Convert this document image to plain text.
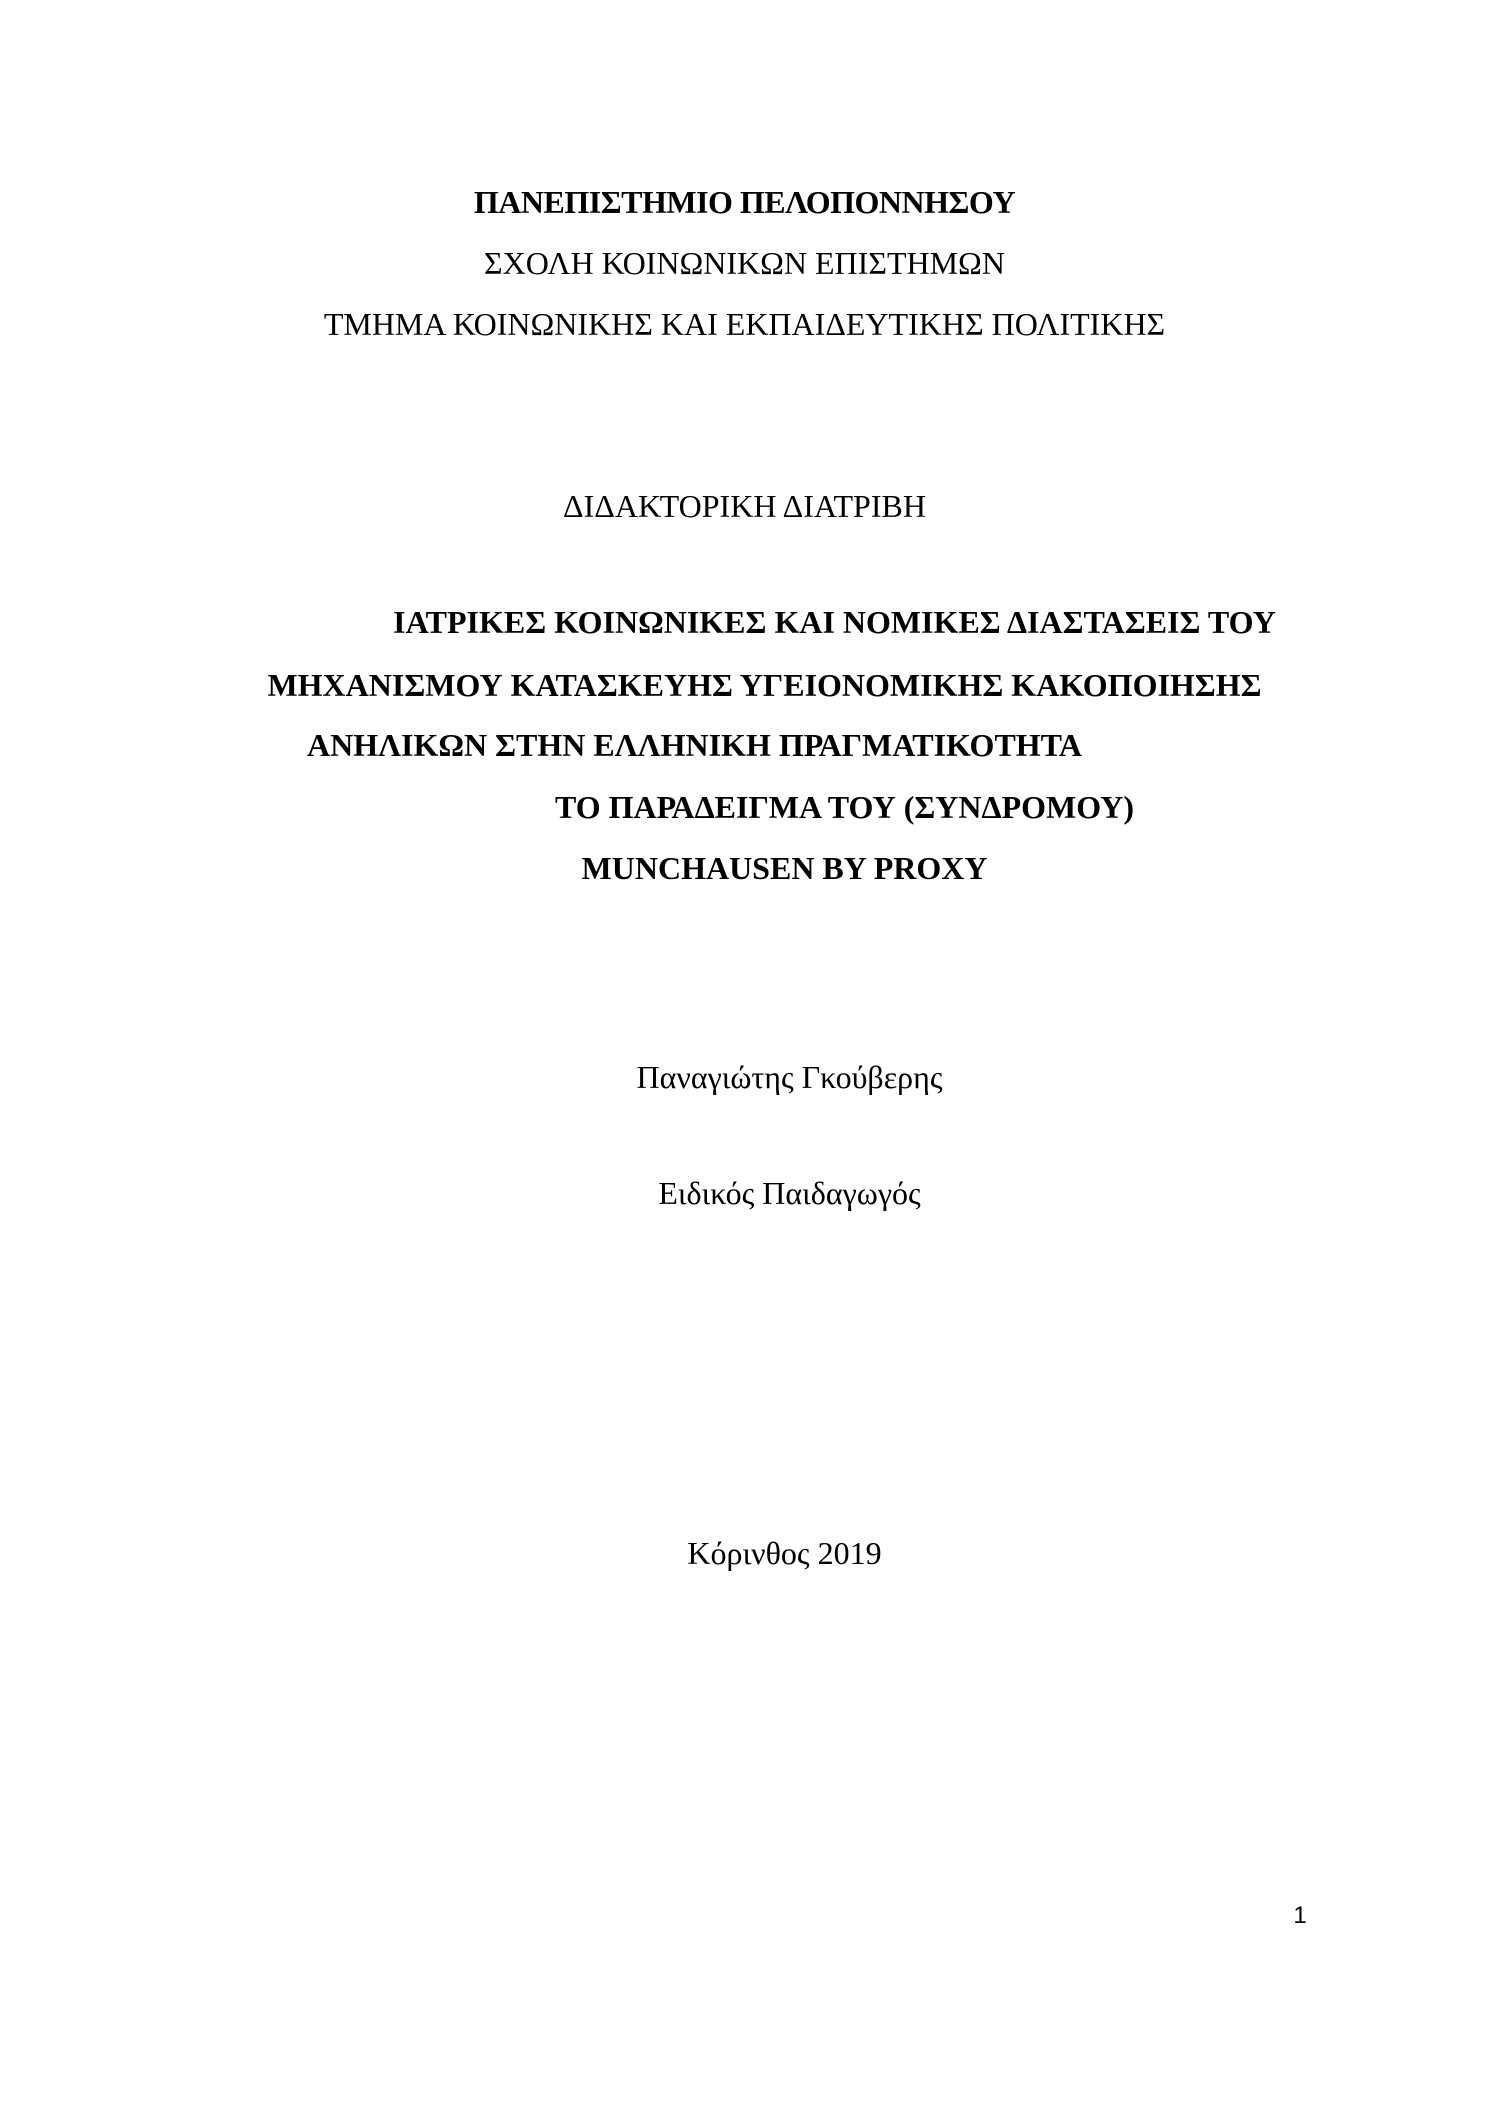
ΠΑΝΕΠΙΣΤΗΜΙΟ ΠΕΛΟΠΟΝΝΗΣΟΥ
ΣΧΟΛΗ ΚΟΙΝΩΝΙΚΩΝ ΕΠΙΣΤΗΜΩΝ
ΤΜΗΜΑ ΚΟΙΝΩΝΙΚΗΣ ΚΑΙ ΕΚΠΑΙΔΕΥΤΙΚΗΣ ΠΟΛΙΤΙΚΗΣ
ΔΙΔΑΚΤΟΡΙΚΗ ΔΙΑΤΡΙΒΗ
ΙΑΤΡΙΚΕΣ ΚΟΙΝΩΝΙΚΕΣ ΚΑΙ ΝΟΜΙΚΕΣ ΔΙΑΣΤΑΣΕΙΣ ΤΟΥ
ΜΗΧΑΝΙΣΜΟΥ ΚΑΤΑΣΚΕΥΗΣ ΥΓΕΙΟΝΟΜΙΚΗΣ ΚΑΚΟΠΟΙΗΣΗΣ
ΑΝΗΛΙΚΩΝ ΣΤΗΝ ΕΛΛΗΝΙΚΗ ΠΡΑΓΜΑΤΙΚΟΤΗΤΑ
ΤΟ ΠΑΡΑΔΕΙΓΜΑ ΤΟΥ (ΣΥΝΔΡΟΜΟΥ)
MUNCHAUSEN BY PROXY
Παναγιώτης Γκούβερης
Ειδικός Παιδαγωγός
Κόρινθος 2019
1
